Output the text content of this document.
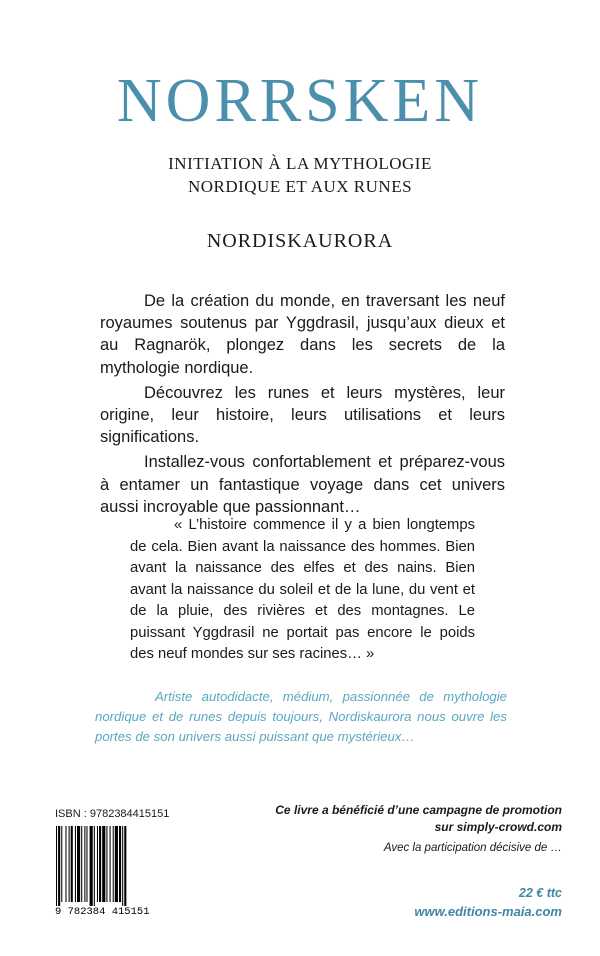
NORRSKEN
INITIATION À LA MYTHOLOGIE
NORDIQUE ET AUX RUNES
NORDISKAURORA

De la création du monde, en traversant les neuf royaumes soutenus par Yggdrasil, jusqu’aux dieux et au Ragnarök, plongez dans les secrets de la mythologie nordique.

Découvrez les runes et leurs mystères, leur origine, leur histoire, leurs utilisations et leurs significations.

Installez-vous confortablement et préparez-vous à entamer un fantastique voyage dans cet univers aussi incroyable que passionnant…

« L’histoire commence il y a bien longtemps de cela. Bien avant la naissance des hommes. Bien avant la naissance des elfes et des nains. Bien avant la naissance du soleil et de la lune, du vent et de la pluie, des rivières et des montagnes. Le puissant Yggdrasil ne portait pas encore le poids des neuf mondes sur ses racines… »

Artiste autodidacte, médium, passionnée de mythologie nordique et de runes depuis toujours, Nordiskaurora nous ouvre les portes de son univers aussi puissant que mystérieux…
ISBN : 9782384415151
9 782384 415151
Ce livre a bénéficié d’une campagne de promotion
sur simply-crowd.com
Avec la participation décisive de …
22 € ttc
www.editions-maia.com
